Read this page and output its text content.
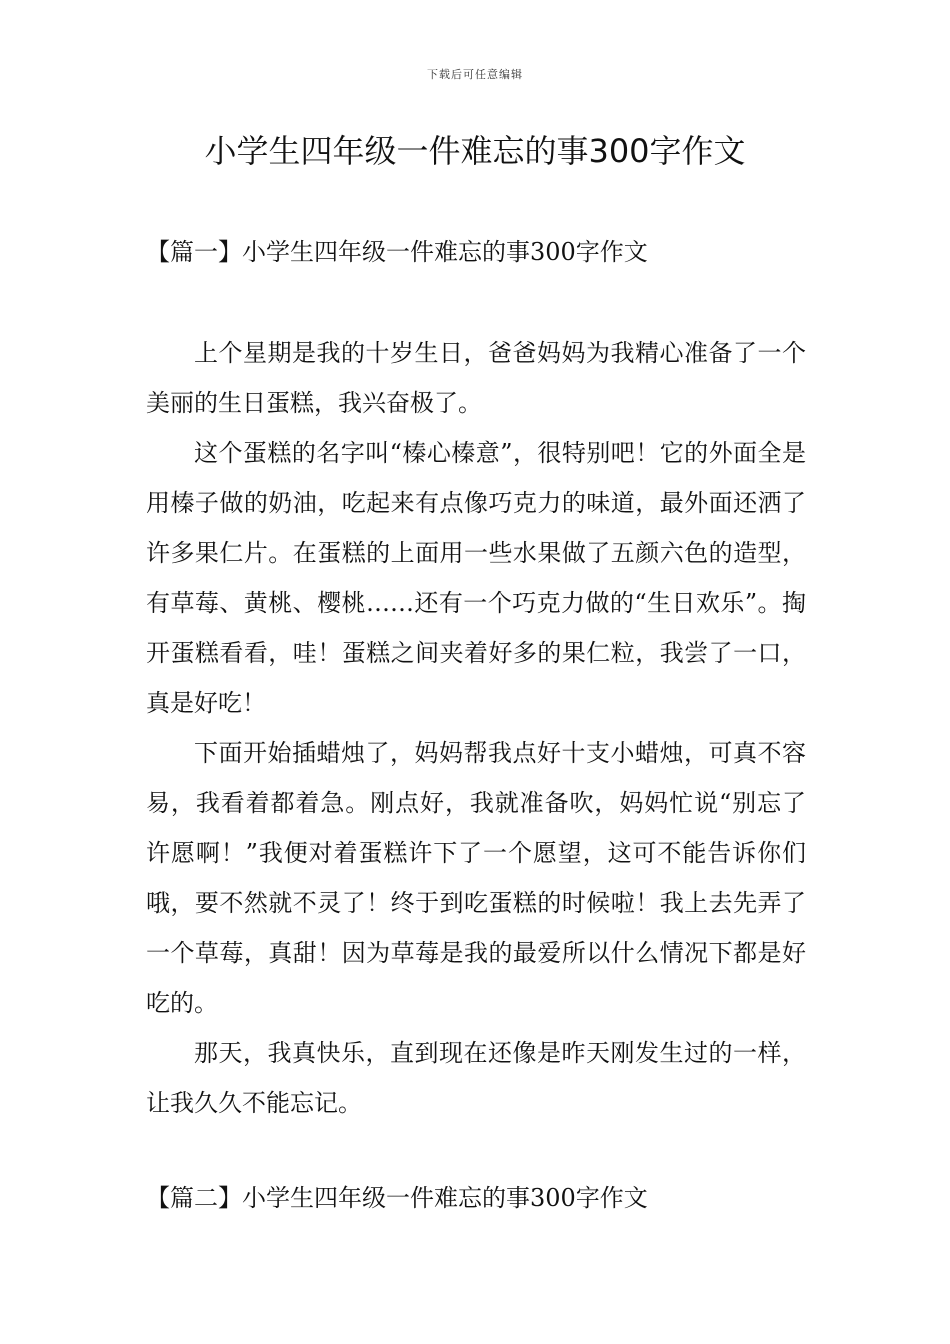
下载后可任意编辑
小学生四年级一件难忘的事300字作文
【篇一】小学生四年级一件难忘的事300字作文

上个星期是我的十岁生日，爸爸妈妈为我精心准备了一个美丽的生日蛋糕，我兴奋极了。

这个蛋糕的名字叫“榛心榛意”，很特别吧！它的外面全是用榛子做的奶油，吃起来有点像巧克力的味道，最外面还洒了许多果仁片。在蛋糕的上面用一些水果做了五颜六色的造型，有草莓、黄桃、樱桃……还有一个巧克力做的“生日欢乐”。掏开蛋糕看看，哇！蛋糕之间夹着好多的果仁粒，我尝了一口，真是好吃！

下面开始插蜡烛了，妈妈帮我点好十支小蜡烛，可真不容易，我看着都着急。刚点好，我就准备吹，妈妈忙说“别忘了许愿啊！”我便对着蛋糕许下了一个愿望，这可不能告诉你们哦，要不然就不灵了！终于到吃蛋糕的时候啦！我上去先弄了一个草莓，真甜！因为草莓是我的最爱所以什么情况下都是好吃的。

那天，我真快乐，直到现在还像是昨天刚发生过的一样，让我久久不能忘记。

【篇二】小学生四年级一件难忘的事300字作文
